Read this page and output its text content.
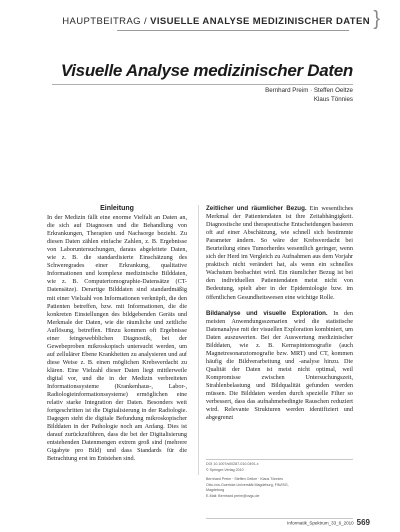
HAUPTBEITRAG / VISUELLE ANALYSE MEDIZINISCHER DATEN }
Visuelle Analyse medizinischer Daten
Bernhard Preim · Steffen Oeltze
Klaus Tönnies
Einleitung

In der Medizin fällt eine enorme Vielfalt an Daten an, die sich auf Diagnosen und die Behandlung von Erkrankungen, Therapien und Nachsorge bezieht. Zu diesen Daten zählen einfache Zahlen, z. B. Ergebnisse von Laboruntersuchungen, daraus abgeleitete Daten, wie z. B. die standardisierte Einschätzung des Schweregrades einer Erkrankung, qualitative Informationen und komplexe medizinische Bilddaten, wie z. B. Computertomographie-Datensätze (CT-Datensätze). Derartige Bilddaten sind standardmäßig mit einer Vielzahl von Informationen verknüpft, die den Patienten betreffen, bzw. mit Informationen, die die konkreten Einstellungen des bildgebenden Geräts und Merkmale der Daten, wie die räumliche und zeitliche Auflösung, betreffen. Hinzu kommen oft Ergebnisse einer feingewebblichen Diagnostik, bei der Gewebeproben mikroskopisch untersucht werden, um auf zellulärer Ebene Krankheiten zu analysieren und auf diese Weise z. B. einen möglichen Krebsverdacht zu klären. Eine Vielzahl dieser Daten liegt mittlerweile digital vor, und die in der Medizin verbreiteten Informationssysteme (Krankenhaus-, Labor-, Radiologieinformationssysteme) ermöglichen eine relativ starke Integration der Daten. Besonders weit fortgeschritten ist die Digitalisierung in der Radiologie. Dagegen steht die digitale Befundung mikroskopischer Bilddaten in der Pathologie noch am Anfang. Dies ist darauf zurückzuführen, dass die bei der Digitalisierung entstehenden Datenmengen extrem groß sind (mehrere Gigabyte pro Bild) und dass Standards für die Betrachtung erst im Entstehen sind.

Zeitlicher und räumlicher Bezug. Ein wesentliches Merkmal der Patientendaten ist ihre Zeitabhängigkeit. Diagnostische und therapeutische Entscheidungen basieren oft auf einer Abschätzung, wie schnell sich bestimmte Parameter ändern. So wäre der Krebsverdacht bei Beurteilung eines Tumorherdes wesentlich geringer, wenn sich der Herd im Vergleich zu Aufnahmen aus dem Vorjahr praktisch nicht verändert hat, als wenn ein schnelles Wachstum beobachtet wird. Ein räumlicher Bezug ist bei den individuellen Patientendaten meist nicht von Bedeutung, spielt aber in der Epidemiologie bzw. im öffentlichen Gesundheitswesen eine wichtige Rolle.

Bildanalyse und visuelle Exploration. In den meisten Anwendungsszenarien wird die statistische Datenanalyse mit der visuellen Exploration kombiniert, um Daten auszuwerten. Bei der Auswertung medizinischer Bilddaten, wie z. B. Kernspintomografie (auch Magnetresonanztomografie bzw. MRT) und CT, kommen häufig die Bildverarbeitung und -analyse hinzu. Die Qualität der Daten ist meist nicht optimal, weil Kompromisse zwischen Untersuchungszeit, Strahlenbelastung und Bildqualität gefunden werden müssen. Die Bilddaten werden durch spezielle Filter so verbessert, dass das aufnahmebedingte Rauschen reduziert wird. Relevante Strukturen werden identifiziert und abgegrenzt

DOI 10.1007/s00287-010-0491-x
© Springer-Verlag 2010
Bernhard Preim · Steffen Oeltze · Klaus Tönnies
Otto-von-Guericke-Universität Magdeburg, FIN/ISG,
Magdeburg
E-Mail: Bernhard.preim@ovgu.de
Informatik_Spektrum_33_6_2010 569
